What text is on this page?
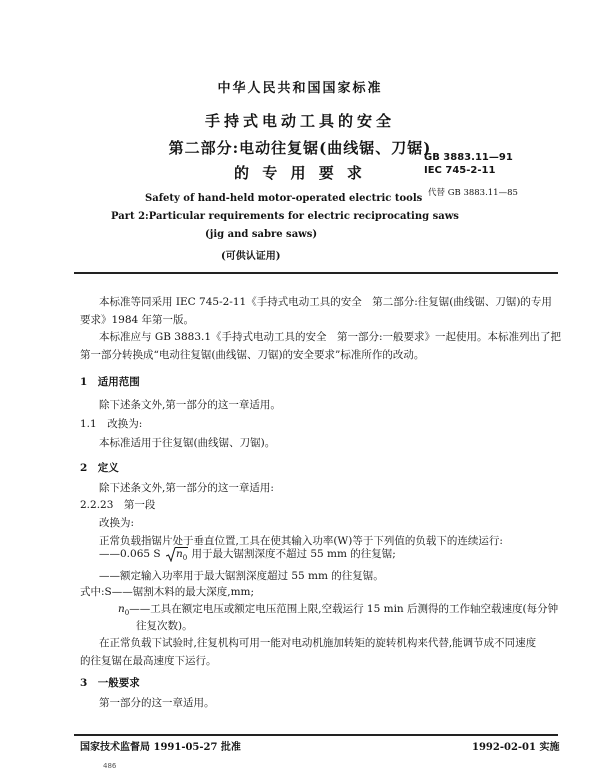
中华人民共和国国家标准
手持式电动工具的安全
第二部分:电动往复锯(曲线锯、刀锯)
的 专 用 要 求
GB 3883.11—91
IEC 745-2-11
代替 GB 3883.11—85
Safety of hand-held motor-operated electric tools
Part 2:Particular requirements for electric reciprocating saws
(jig and sabre saws)
(可供认证用)
本标准等同采用 IEC 745-2-11《手持式电动工具的安全　第二部分:往复锯(曲线锯、刀锯)的专用
要求》1984 年第一版。
本标准应与 GB 3883.1《手持式电动工具的安全　第一部分:一般要求》一起使用。本标准列出了把
第一部分转换成“电动往复锯(曲线锯、刀锯)的安全要求”标准所作的改动。
1　适用范围
除下述条文外,第一部分的这一章适用。
1.1　改换为:
本标准适用于往复锯(曲线锯、刀锯)。
2　定义
除下述条文外,第一部分的这一章适用:
2.2.23　第一段
改换为:
正常负载指锯片处于垂直位置,工具在使其输入功率(W)等于下列值的负载下的连续运行:
——0.065 S $n_0$ 用于最大锯割深度不超过 55 mm 的往复锯;
——额定输入功率用于最大锯割深度超过 55 mm 的往复锯。
式中:S——锯割木料的最大深度,mm;
$n_0——$工具在额定电压或额定电压范围上限,空载运行 15 min 后测得的工作轴空载速度(每分钟
往复次数)。
在正常负载下试验时,往复机构可用一能对电动机施加转矩的旋转机构来代替,能调节成不同速度
的往复锯在最高速度下运行。
3　一般要求
第一部分的这一章适用。
国家技术监督局 1991-05-27 批准	1992-02-01 实施
486
